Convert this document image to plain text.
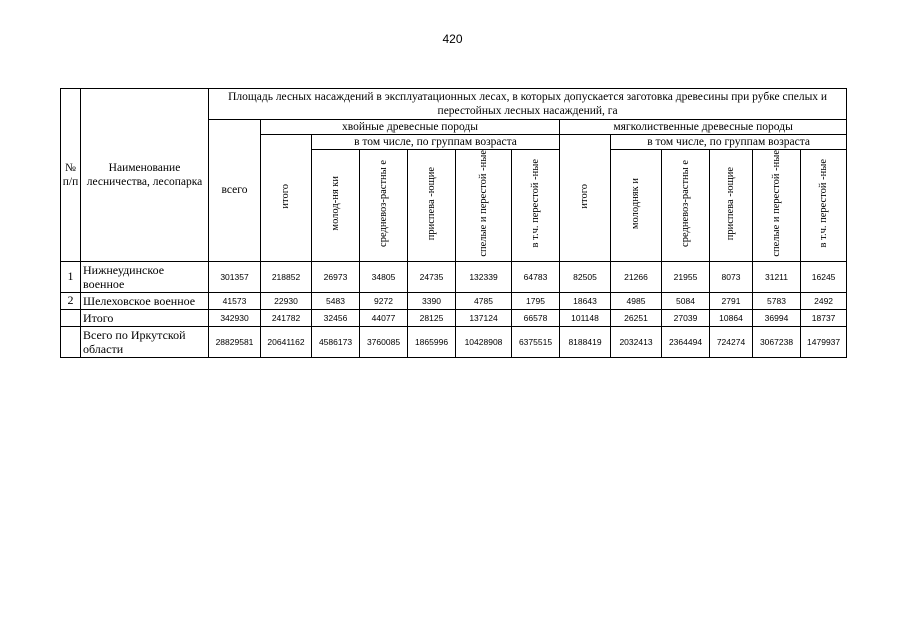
420
№ п/п	Наименование лесничества, лесопарка	Площадь лесных насаждений в эксплуатационных лесах, в которых допускается заготовка древесины при рубке спелых и перестойных лесных насаждений, га												
		всего	хвойные древесные породы						мягколиственные древесные породы					
			итого	в том числе, по группам возраста					итого	в том числе, по группам возраста				
				молод-ня ки	средневоз-растны е	приспева -ющие	спелые и перестой -ные	в т.ч. перестой -ные		молодняк и	средневоз-растны е	приспева -ющие	спелые и перестой -ные	в т.ч. перестой -ные
1	Нижнеудинское военное	301357	218852	26973	34805	24735	132339	64783	82505	21266	21955	8073	31211	16245
2	Шелеховское военное	41573	22930	5483	9272	3390	4785	1795	18643	4985	5084	2791	5783	2492
	Итого	342930	241782	32456	44077	28125	137124	66578	101148	26251	27039	10864	36994	18737
	Всего по Иркутской области	28829581	20641162	4586173	3760085	1865996	10428908	6375515	8188419	2032413	2364494	724274	3067238	1479937
